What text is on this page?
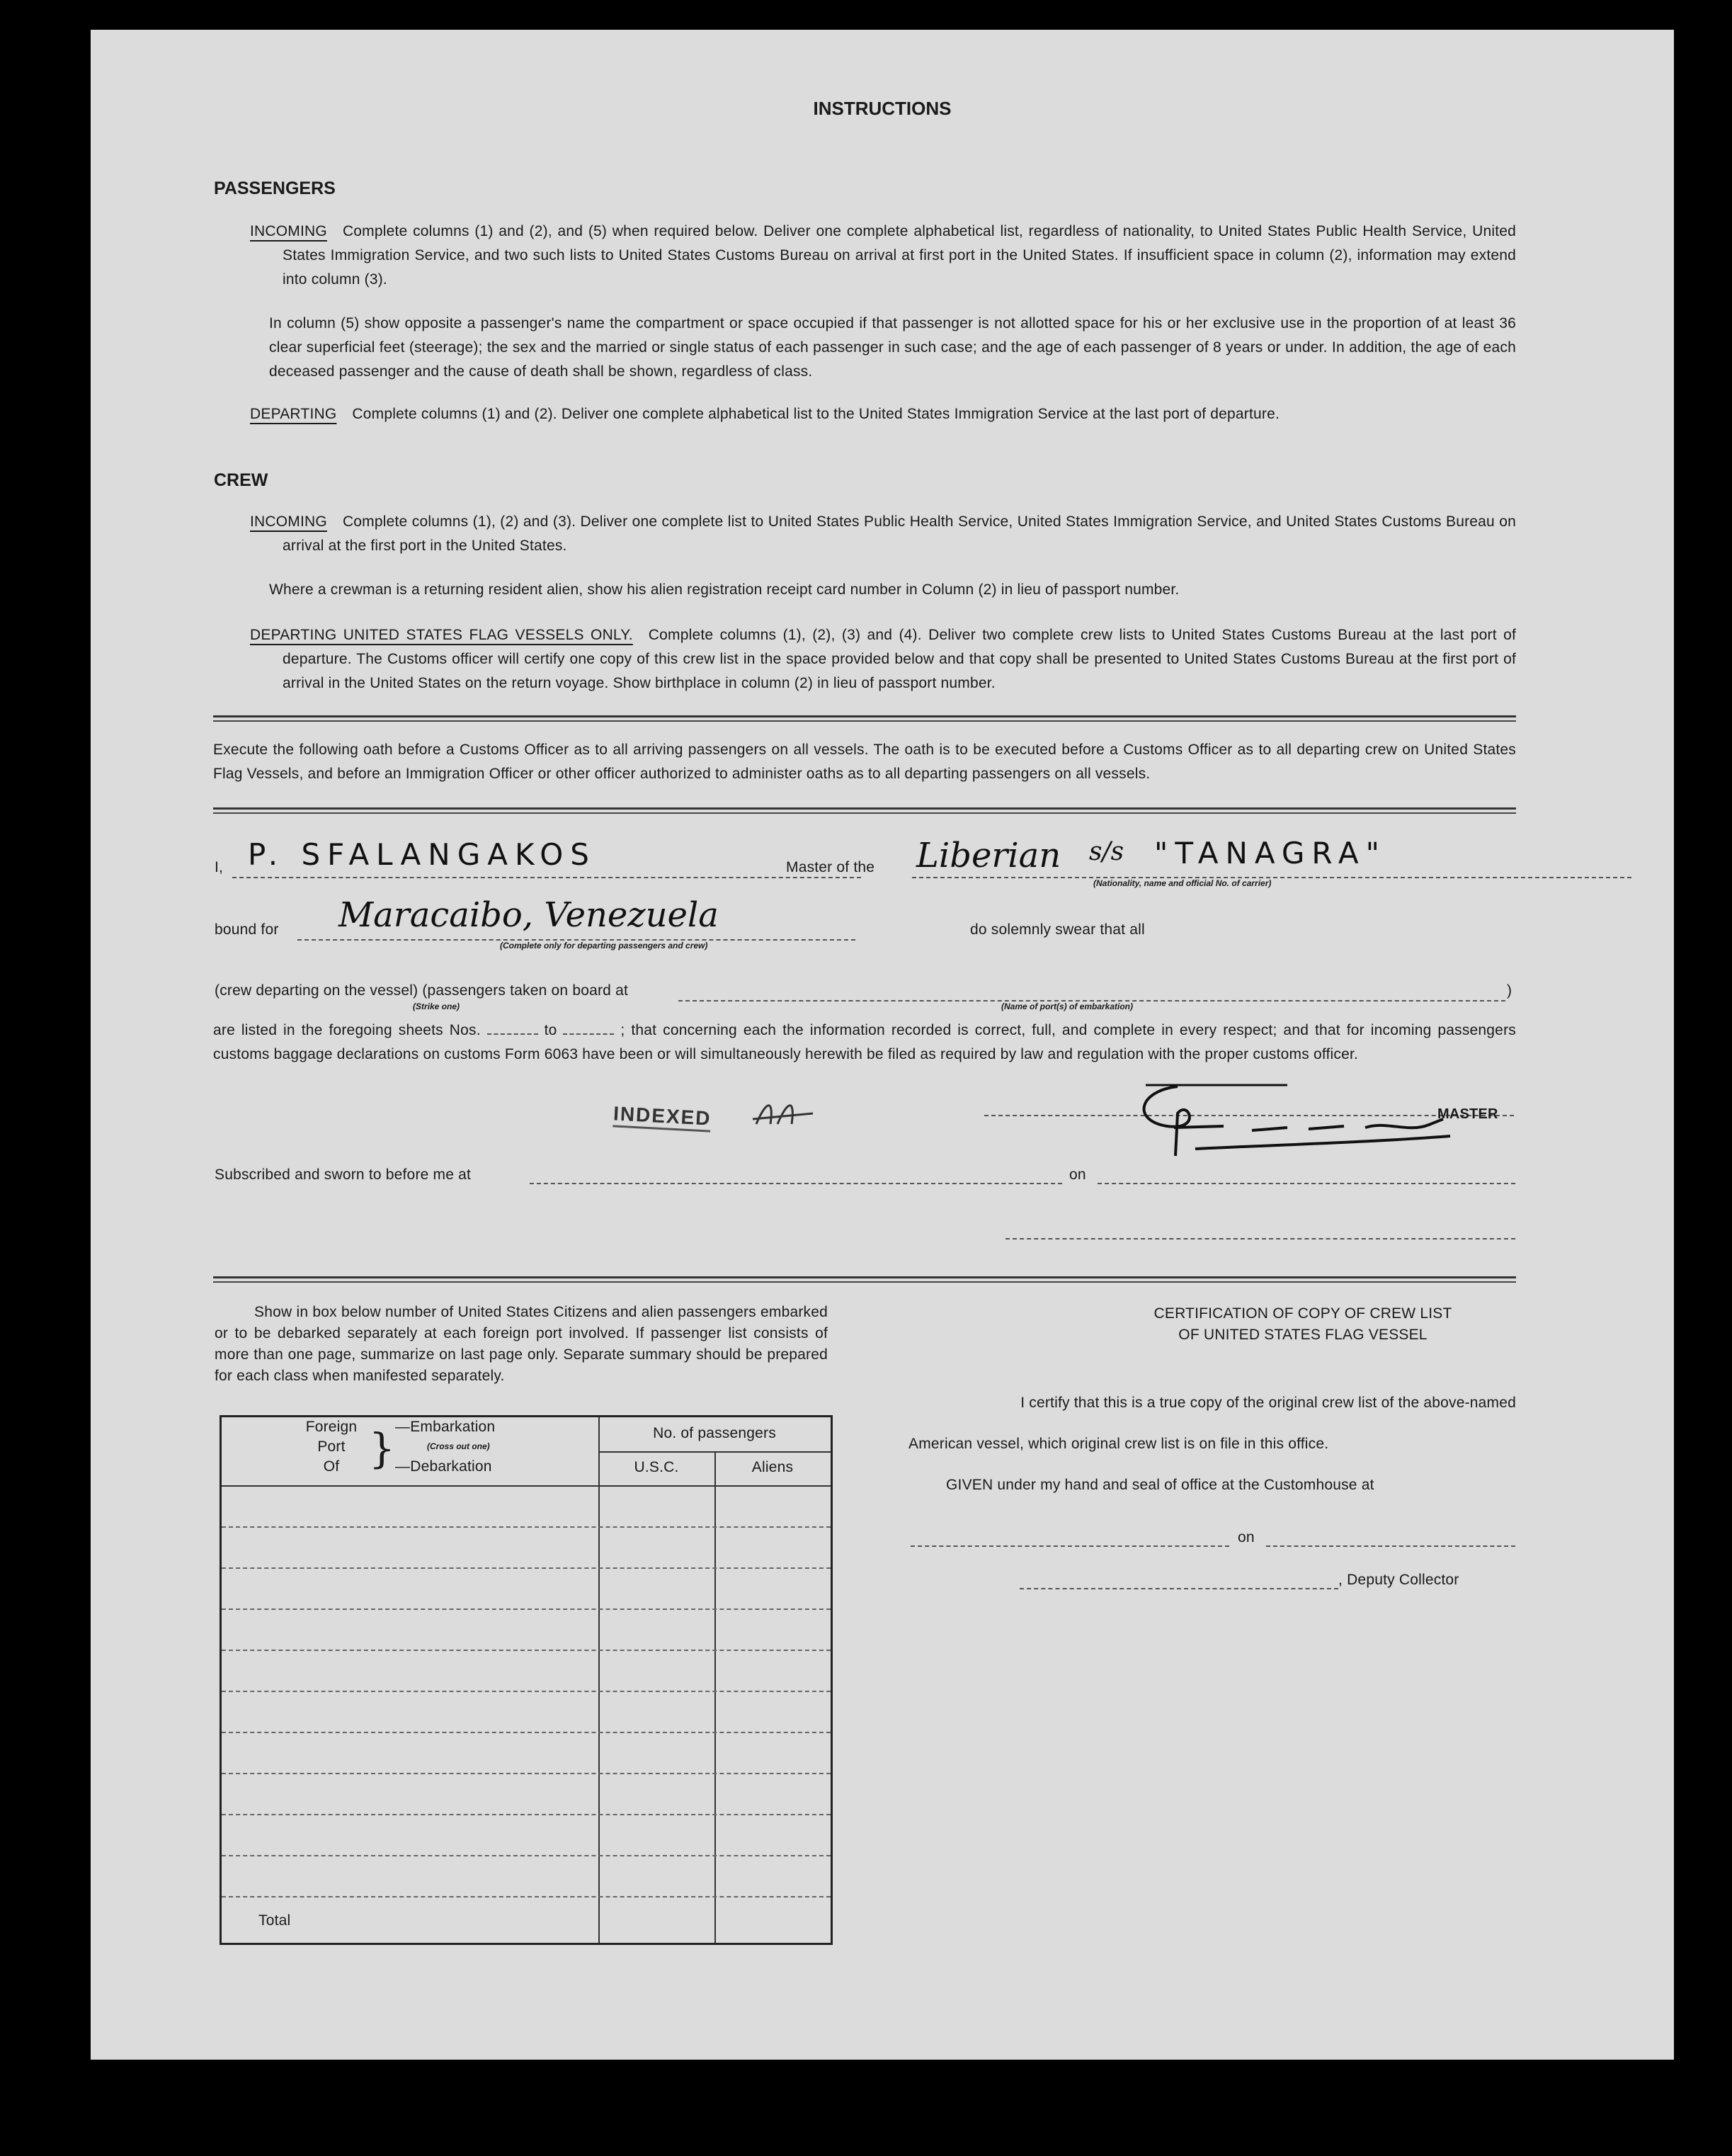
INSTRUCTIONS
PASSENGERS
INCOMING Complete columns (1) and (2), and (5) when required below. Deliver one complete alphabetical list, regardless of nationality, to United States Public Health Service, United States Immigration Service, and two such lists to United States Customs Bureau on arrival at first port in the United States. If insufficient space in column (2), information may extend into column (3).
In column (5) show opposite a passenger's name the compartment or space occupied if that passenger is not allotted space for his or her exclusive use in the proportion of at least 36 clear superficial feet (steerage); the sex and the married or single status of each passenger in such case; and the age of each passenger of 8 years or under. In addition, the age of each deceased passenger and the cause of death shall be shown, regardless of class.
DEPARTING Complete columns (1) and (2). Deliver one complete alphabetical list to the United States Immigration Service at the last port of departure.
CREW
INCOMING Complete columns (1), (2) and (3). Deliver one complete list to United States Public Health Service, United States Immigration Service, and United States Customs Bureau on arrival at the first port in the United States.
Where a crewman is a returning resident alien, show his alien registration receipt card number in Column (2) in lieu of passport number.
DEPARTING UNITED STATES FLAG VESSELS ONLY. Complete columns (1), (2), (3) and (4). Deliver two complete crew lists to United States Customs Bureau at the last port of departure. The Customs officer will certify one copy of this crew list in the space provided below and that copy shall be presented to United States Customs Bureau at the first port of arrival in the United States on the return voyage. Show birthplace in column (2) in lieu of passport number.
Execute the following oath before a Customs Officer as to all arriving passengers on all vessels. The oath is to be executed before a Customs Officer as to all departing crew on United States Flag Vessels, and before an Immigration Officer or other officer authorized to administer oaths as to all departing passengers on all vessels.
I, P. SFALANGAKOS	Master of the Liberian s/s "TANAGRA"
(Nationality, name and official No. of carrier)
bound for Maracaibo, Venezuela
(Complete only for departing passengers and crew)
do solemnly swear that all
(crew departing on the vessel) (passengers taken on board at	)
(Strike one)	(Name of port(s) of embarkation)
are listed in the foregoing sheets Nos.	to	; that concerning each the information recorded is correct, full, and complete in every respect; and that for incoming passengers customs baggage declarations on customs Form 6063 have been or will simultaneously herewith be filed as required by law and regulation with the proper customs officer.
INDEXED	MASTER
Subscribed and sworn to before me at	on
Show in box below number of United States Citizens and alien passengers embarked or to be debarked separately at each foreign port involved. If passenger list consists of more than one page, summarize on last page only. Separate summary should be prepared for each class when manifested separately.
Foreign
Port
Of } —Embarkation
(Cross out one)
—Debarkation
No. of passengers
U.S.C.	Aliens
Total
CERTIFICATION OF COPY OF CREW LIST
OF UNITED STATES FLAG VESSEL
I certify that this is a true copy of the original crew list of the above-named
American vessel, which original crew list is on file in this office.
GIVEN under my hand and seal of office at the Customhouse at
on
, Deputy Collector
